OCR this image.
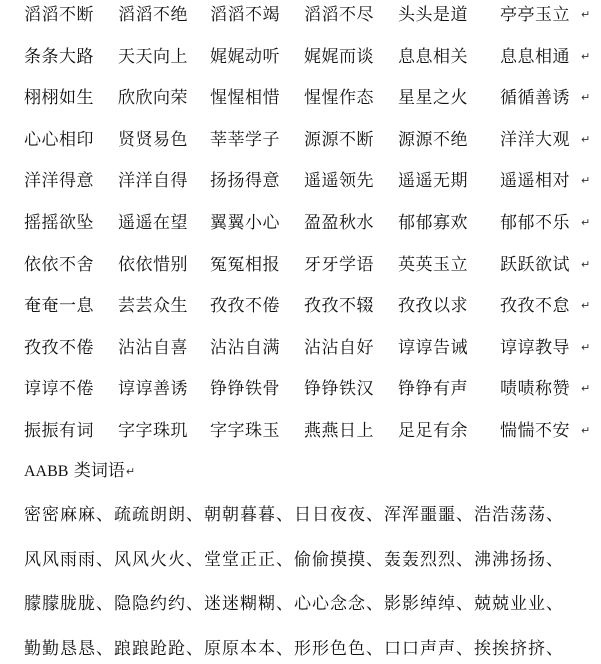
滔滔不断 滔滔不绝 滔滔不竭 滔滔不尽 头头是道 亭亭玉立 ↵
条条大路 天天向上 娓娓动听 娓娓而谈 息息相关 息息相通 ↵
栩栩如生 欣欣向荣 惺惺相惜 惺惺作态 星星之火 循循善诱 ↵
心心相印 贤贤易色 莘莘学子 源源不断 源源不绝 洋洋大观 ↵
洋洋得意 洋洋自得 扬扬得意 遥遥领先 遥遥无期 遥遥相对 ↵
摇摇欲坠 遥遥在望 翼翼小心 盈盈秋水 郁郁寡欢 郁郁不乐 ↵
依依不舍 依依惜别 冤冤相报 牙牙学语 英英玉立 跃跃欲试 ↵
奄奄一息 芸芸众生 孜孜不倦 孜孜不辍 孜孜以求 孜孜不怠 ↵
孜孜不倦 沾沾自喜 沾沾自满 沾沾自好 谆谆告诫 谆谆教导 ↵
谆谆不倦 谆谆善诱 铮铮铁骨 铮铮铁汉 铮铮有声 啧啧称赞 ↵
振振有词 字字珠玑 字字珠玉 燕燕日上 足足有余 惴惴不安 ↵
AABB 类词语↵
密密麻麻、疏疏朗朗、朝朝暮暮、日日夜夜、浑浑噩噩、浩浩荡荡、
风风雨雨、风风火火、堂堂正正、偷偷摸摸、轰轰烈烈、沸沸扬扬、
朦朦胧胧、隐隐约约、迷迷糊糊、心心念念、影影绰绰、兢兢业业、
勤勤恳恳、踉踉跄跄、原原本本、形形色色、口口声声、挨挨挤挤、
